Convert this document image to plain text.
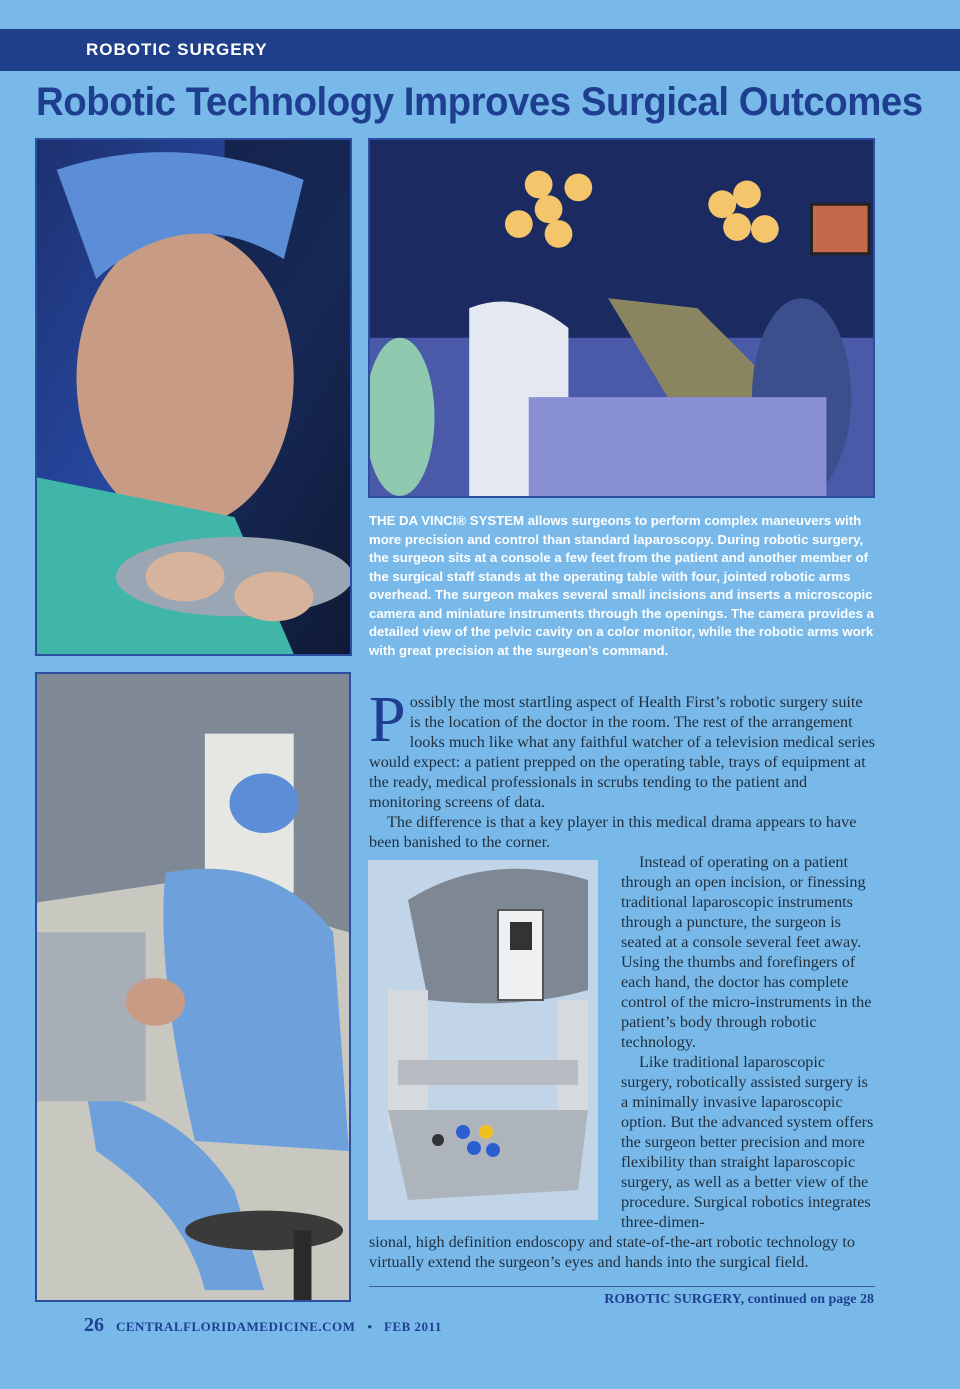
ROBOTIC SURGERY
Robotic Technology Improves Surgical Outcomes
THE DA VINCI® SYSTEM allows surgeons to perform complex maneuvers with more precision and control than standard laparoscopy. During robotic surgery, the surgeon sits at a console a few feet from the patient and another member of the surgical staff stands at the operating table with four, jointed robotic arms overhead. The surgeon makes several small incisions and inserts a microscopic camera and miniature instruments through the openings. The camera provides a detailed view of the pelvic cavity on a color monitor, while the robotic arms work with great precision at the surgeon’s command.
P ossibly the most startling aspect of Health First’s robotic surgery suite is the location of the doctor in the room. The rest of the arrangement looks much like what any faithful watcher of a television medical series would expect: a patient prepped on the operating table, trays of equipment at the ready, medical professionals in scrubs tending to the patient and monitoring screens of data.

The difference is that a key player in this medical drama appears to have been banished to the corner.

Instead of operating on a patient through an open incision, or finessing traditional laparoscopic instruments through a puncture, the surgeon is seated at a console several feet away. Using the thumbs and forefingers of each hand, the doctor has complete control of the micro-instruments in the patient’s body through robotic technology.

Like traditional laparoscopic surgery, robotically assisted surgery is a minimally invasive laparoscopic option. But the advanced system offers the surgeon better precision and more flexibility than straight laparoscopic surgery, as well as a better view of the procedure. Surgical robotics integrates three-dimen-

sional, high definition endoscopy and state-of-the-art robotic technology to virtually extend the surgeon’s eyes and hands into the surgical field.

ROBOTIC SURGERY, continued on page 28
26 CENTRALFLORIDAMEDICINE.COM • FEB 2011
